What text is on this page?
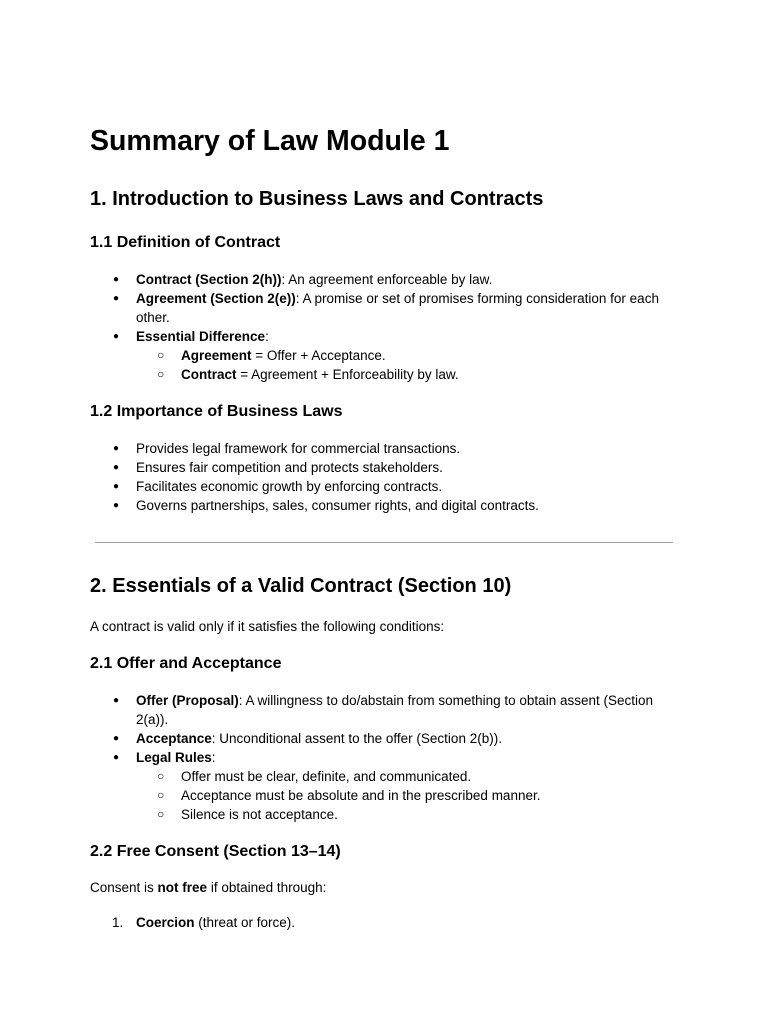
Summary of Law Module 1
1. Introduction to Business Laws and Contracts
1.1 Definition of Contract
●	Contract (Section 2(h)): An agreement enforceable by law.
●	Agreement (Section 2(e)): A promise or set of promises forming consideration for each other.
●	Essential Difference:
○	Agreement = Offer + Acceptance.
○	Contract = Agreement + Enforceability by law.
1.2 Importance of Business Laws
●	Provides legal framework for commercial transactions.
●	Ensures fair competition and protects stakeholders.
●	Facilitates economic growth by enforcing contracts.
●	Governs partnerships, sales, consumer rights, and digital contracts.
2. Essentials of a Valid Contract (Section 10)

A contract is valid only if it satisfies the following conditions:

2.1 Offer and Acceptance
●	Offer (Proposal): A willingness to do/abstain from something to obtain assent (Section 2(a)).
●	Acceptance: Unconditional assent to the offer (Section 2(b)).
●	Legal Rules:
○	Offer must be clear, definite, and communicated.
○	Acceptance must be absolute and in the prescribed manner.
○	Silence is not acceptance.
2.2 Free Consent (Section 13–14)

Consent is not free if obtained through:

1. Coercion (threat or force).
